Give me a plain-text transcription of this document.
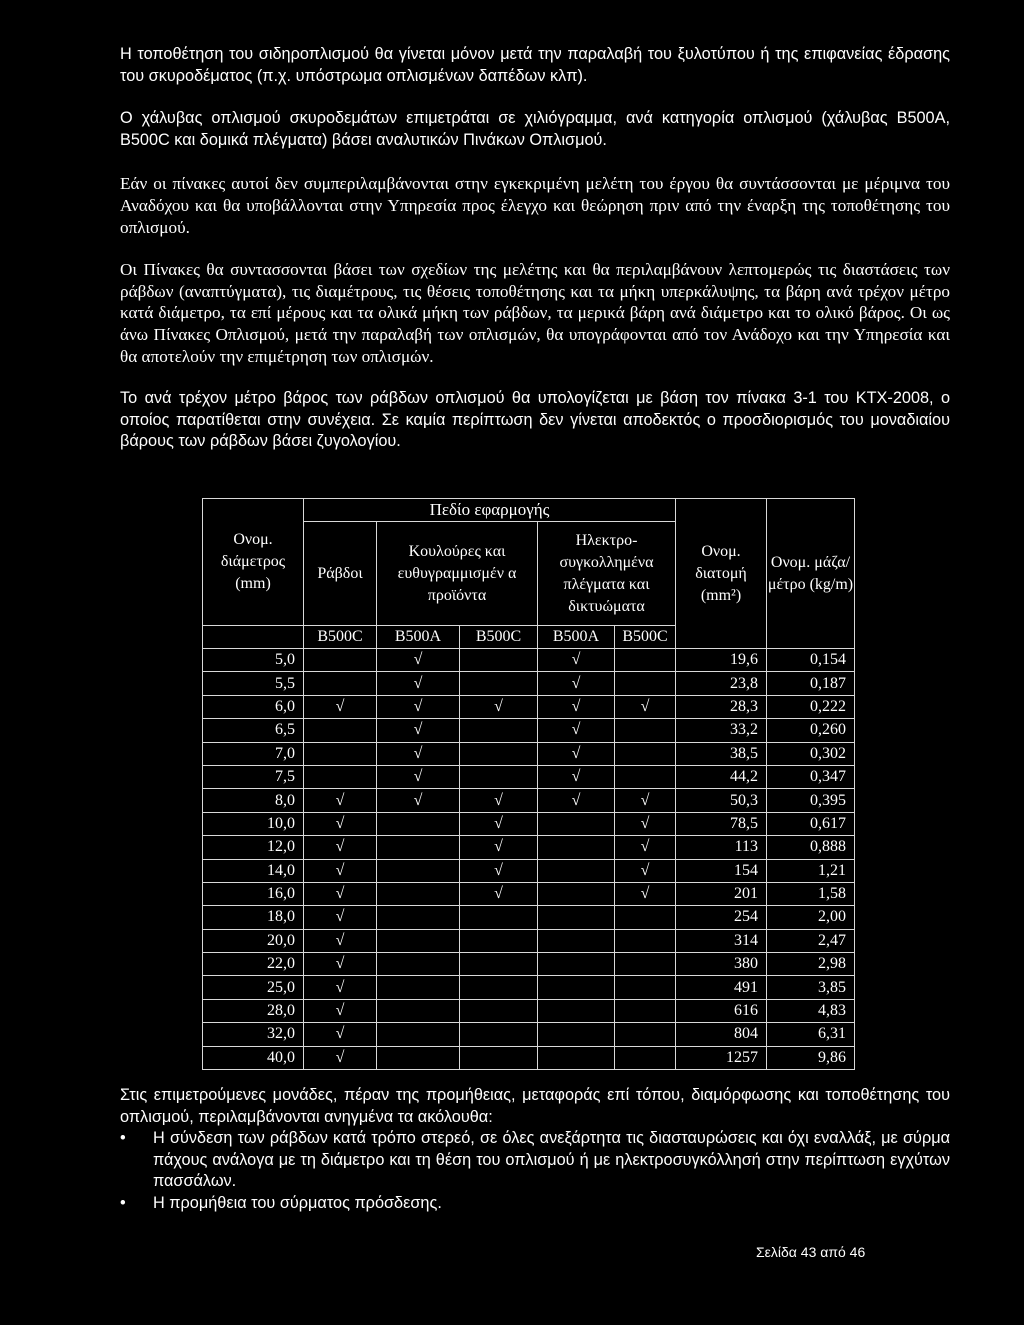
Η τοποθέτηση του σιδηροπλισμού θα γίνεται μόνον μετά την παραλαβή του ξυλοτύπου ή της επιφανείας έδρασης του σκυροδέματος (π.χ. υπόστρωμα οπλισμένων δαπέδων κλπ).

Ο χάλυβας οπλισμού σκυροδεμάτων επιμετράται σε χιλιόγραμμα, ανά κατηγορία οπλισμού (χάλυβας Β500Α, Β500C και δομικά πλέγματα) βάσει αναλυτικών Πινάκων Οπλισμού.

Εάν οι πίνακες αυτοί δεν συμπεριλαμβάνονται στην εγκεκριμένη μελέτη του έργου θα συντάσσονται με μέριμνα του Αναδόχου και θα υποβάλλονται στην Υπηρεσία προς έλεγχο και θεώρηση πριν από την έναρξη της τοποθέτησης του οπλισμού.

Οι Πίνακες θα συντασσονται βάσει των σχεδίων της μελέτης και θα περιλαμβάνουν λεπτομερώς τις διαστάσεις των ράβδων (αναπτύγματα), τις διαμέτρους, τις θέσεις τοποθέτησης και τα μήκη υπερκάλυψης, τα βάρη ανά τρέχον μέτρο κατά διάμετρο, τα επί μέρους και τα ολικά μήκη των ράβδων, τα μερικά βάρη ανά διάμετρο και το ολικό βάρος. Οι ως άνω Πίνακες Οπλισμού, μετά την παραλαβή των οπλισμών, θα υπογράφονται από τον Ανάδοχο και την Υπηρεσία και θα αποτελούν την επιμέτρηση των οπλισμών.

Το ανά τρέχον μέτρο βάρος των ράβδων οπλισμού θα υπολογίζεται με βάση τον πίνακα 3-1 του ΚΤΧ-2008, ο οποίος παρατίθεται στην συνέχεια. Σε καμία περίπτωση δεν γίνεται αποδεκτός ο προσδιορισμός του μοναδιαίου βάρους των ράβδων βάσει ζυγολογίου.

Ονομ. διάμετρος (mm)	Πεδίο εφαρμογής					Ονομ. διατομή (mm²)	Ονομ. μάζα/ μέτρο (kg/m)
	Ράβδοι	Κουλούρες και ευθυγραμμισμέν α προϊόντα		Ηλεκτρο-συγκολλημένα πλέγματα και δικτυώματα			
	B500C	B500A	B500C	B500A	B500C		
5,0		√		√		19,6	0,154
5,5		√		√		23,8	0,187
6,0	√	√	√	√	√	28,3	0,222
6,5		√		√		33,2	0,260
7,0		√		√		38,5	0,302
7,5		√		√		44,2	0,347
8,0	√	√	√	√	√	50,3	0,395
10,0	√		√		√	78,5	0,617
12,0	√		√		√	113	0,888
14,0	√		√		√	154	1,21
16,0	√		√		√	201	1,58
18,0	√					254	2,00
20,0	√					314	2,47
22,0	√					380	2,98
25,0	√					491	3,85
28,0	√					616	4,83
32,0	√					804	6,31
40,0	√					1257	9,86

Στις επιμετρούμενες μονάδες, πέραν της προμήθειας, μεταφοράς επί τόπου, διαμόρφωσης και τοποθέτησης του οπλισμού, περιλαμβάνονται ανηγμένα τα ακόλουθα:

•	Η σύνδεση των ράβδων κατά τρόπο στερεό, σε όλες ανεξάρτητα τις διασταυρώσεις και όχι εναλλάξ, με σύρμα πάχους ανάλογα με τη διάμετρο και τη θέση του οπλισμού ή με ηλεκτροσυγκόλλησή στην περίπτωση εγχύτων πασσάλων.

•	Η προμήθεια του σύρματος πρόσδεσης.

Σελίδα 43 από 46
